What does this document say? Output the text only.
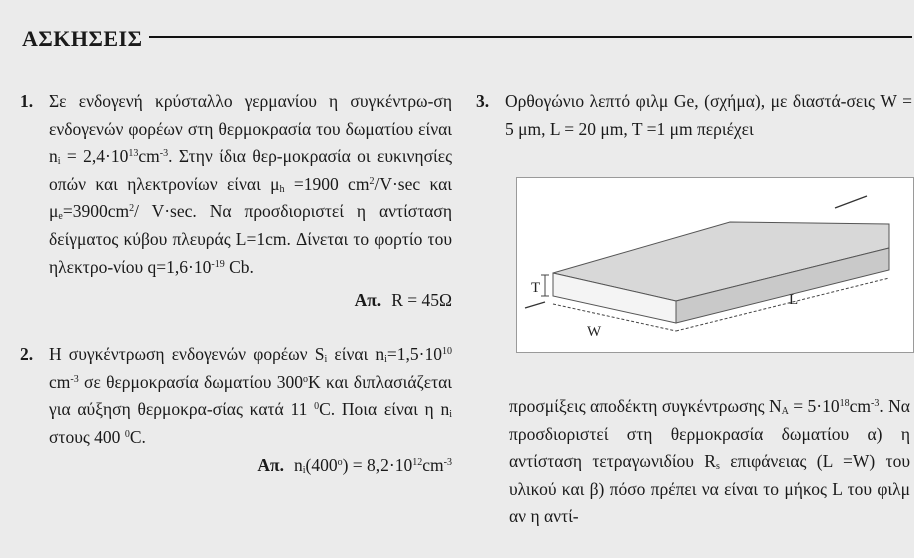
ΑΣΚΗΣΕΙΣ
1. Σε ενδογενή κρύσταλλο γερμανίου η συγκέντρω-ση ενδογενών φορέων στη θερμοκρασία του δωματίου είναι $n_i = 2,4\cdot 10^{13}cm^{-3}$. Στην ίδια θερ-μοκρασία οι ευκινησίες οπών και ηλεκτρονίων είναι $\mu_h =1900$ $cm^2/V\cdot\sec$ και $\mu_e=3900cm^2/$ V·sec. Να προσδιοριστεί η αντίσταση δείγματος κύβου πλευράς L=1cm. Δίνεται το φορτίο του ηλεκτρο-νίου $q=1,6\cdot 10^{-19}$ Cb.
Απ. R = 45Ω
2. Η συγκέντρωση ενδογενών φορέων $S_i$ είναι $n_i=1,5\cdot 10^{10}$ $cm^{-3}$ σε θερμοκρασία δωματίου 300$^o$K και διπλασιάζεται για αύξηση θερμοκρα-σίας κατά 11 $^0$C. Ποια είναι η $n_i$ στους 400 $^0$C.
Απ. $n_i(400^o) = 8,2\cdot 10^{12}cm^{-3}$
3. Ορθογώνιο λεπτό φιλμ Ge, (σχήμα), με διαστά-σεις W = 5 μm, L = 20 μm, T =1 μm περιέχει
T
W
L
προσμίξεις αποδέκτη συγκέντρωσης $N_A = 5\cdot 10^{18}cm^{-3}$. Να προσδιοριστεί στη θερμοκρασία δωματίου α) η αντίσταση τετραγωνιδίου $R_s$ επιφάνειας (L =W) του υλικού και β) πόσο πρέπει να είναι το μήκος L του φιλμ αν η αντί-
